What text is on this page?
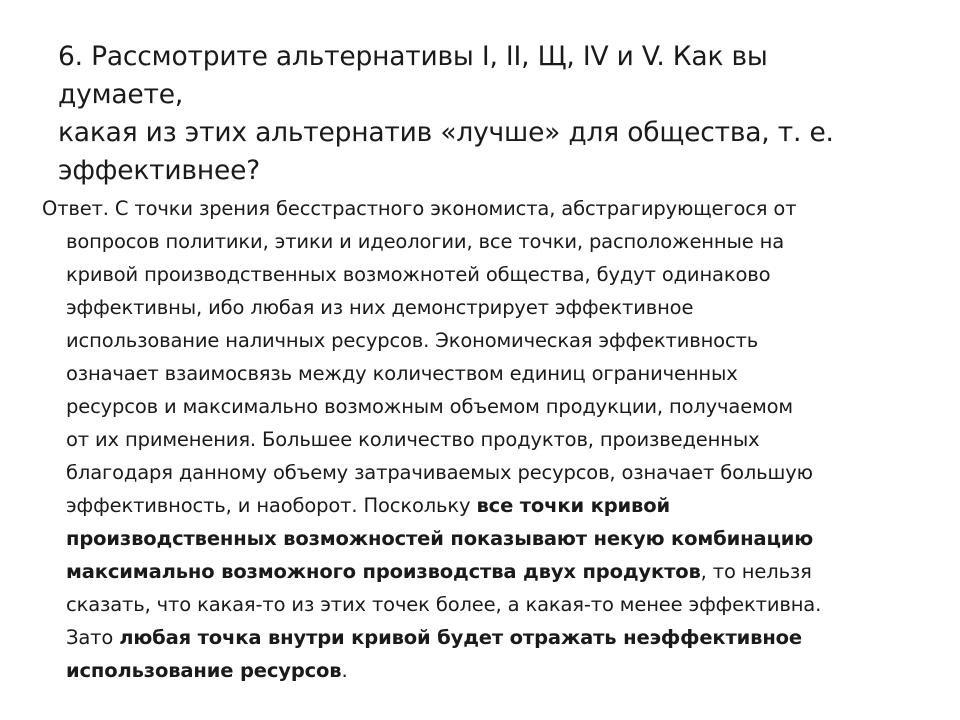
6. Рассмотрите альтернативы I, II, Щ, IV и V. Как вы думаете,
какая из этих альтернатив «лучше» для общества, т. е.
эффективнее?
Ответ. С точки зрения бесстрастного экономиста, абстрагирующегося от
вопросов политики, этики и идеологии, все точки, расположенные на
кривой производственных возможнотей общества, будут одинаково
эффективны, ибо любая из них демонстрирует эффективное
использование наличных ресурсов. Экономическая эффективность
означает взаимосвязь между количеством единиц ограниченных
ресурсов и максимально возможным объемом продукции, получаемом
от их применения. Большее количество продуктов, произведенных
благодаря данному объему затрачиваемых ресурсов, означает большую
эффективность, и наоборот. Поскольку все точки кривой
производственных возможностей показывают некую комбинацию
максимально возможного производства двух продуктов, то нельзя
сказать, что какая-то из этих точек более, а какая-то менее эффективна.
Зато любая точка внутри кривой будет отражать неэффективное
использование ресурсов.
